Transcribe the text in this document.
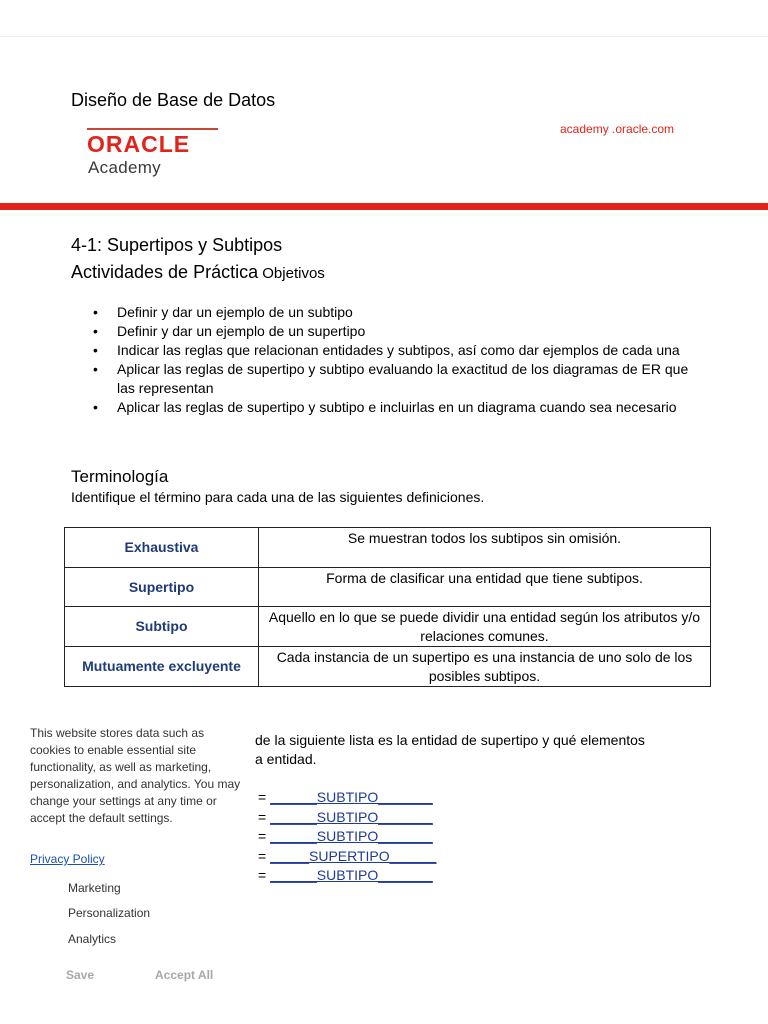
Diseño de Base de Datos
ORACLE
Academy
academy .oracle.com
4-1: Supertipos y Subtipos
Actividades de Práctica Objetivos
• Definir y dar un ejemplo de un subtipo
• Definir y dar un ejemplo de un supertipo
• Indicar las reglas que relacionan entidades y subtipos, así como dar ejemplos de cada una
• Aplicar las reglas de supertipo y subtipo evaluando la exactitud de los diagramas de ER que las representan
• Aplicar las reglas de supertipo y subtipo e incluirlas en un diagrama cuando sea necesario
Terminología
Identifique el término para cada una de las siguientes definiciones.
Exhaustiva	Se muestran todos los subtipos sin omisión.
Supertipo	Forma de clasificar una entidad que tiene subtipos.
Subtipo	Aquello en lo que se puede dividir una entidad según los atributos y/o relaciones comunes.
Mutuamente excluyente	Cada instancia de un supertipo es una instancia de uno solo de los posibles subtipos.
de la siguiente lista es la entidad de supertipo y qué elementos
a entidad.
= ______SUBTIPO_______
= ______SUBTIPO_______
= ______SUBTIPO_______
= _____SUPERTIPO______
= ______SUBTIPO_______
This website stores data such as cookies to enable essential site functionality, as well as marketing, personalization, and analytics. You may change your settings at any time or accept the default settings.
Privacy Policy
Marketing
Personalization
Analytics
Save	Accept All
